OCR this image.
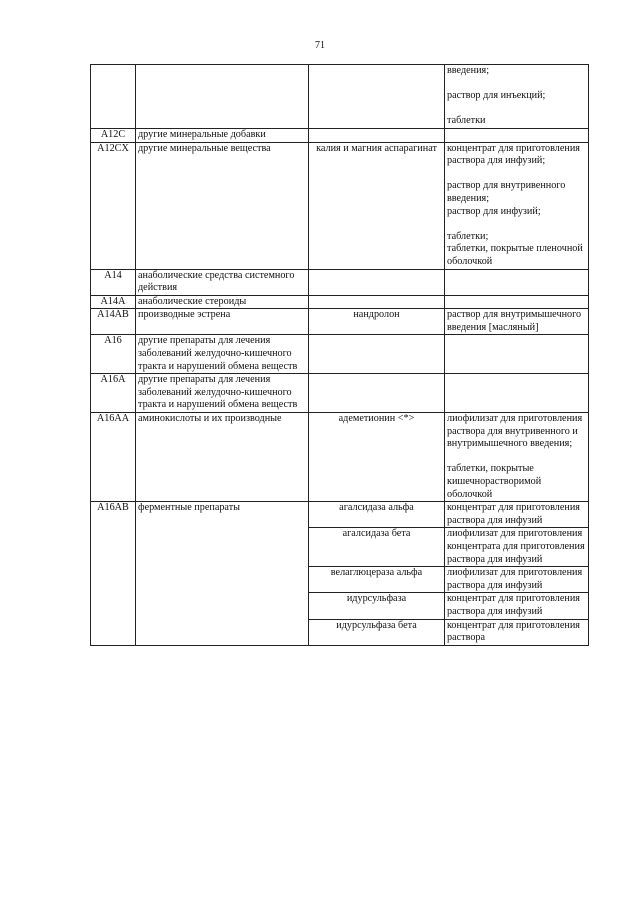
71

			введения;
раствор для инъекций;
таблетки

A12C	другие минеральные добавки		
A12CX	другие минеральные вещества	калия и магния аспарагинат	концентрат для приготовления раствора для инфузий;
раствор для внутривенного введения;
раствор для инфузий;
таблетки;
таблетки, покрытые пленочной оболочкой

A14	анаболические средства системного действия		
A14A	анаболические стероиды		
A14AB	производные эстрена	нандролон	раствор для внутримышечного введения [масляный]

A16	другие препараты для лечения заболеваний желудочно-кишечного тракта и нарушений обмена веществ		
A16A	другие препараты для лечения заболеваний желудочно-кишечного тракта и нарушений обмена веществ		
A16AA	аминокислоты и их производные	адеметионин <*>	лиофилизат для приготовления раствора для внутривенного и внутримышечного введения;
таблетки, покрытые кишечнорастворимой оболочкой

A16AB	ферментные препараты	агалсидаза альфа	концентрат для приготовления раствора для инфузий

		агалсидаза бета	лиофилизат для приготовления концентрата для приготовления раствора для инфузий

		велаглюцераза альфа	лиофилизат для приготовления раствора для инфузий

		идурсульфаза	концентрат для приготовления раствора для инфузий

		идурсульфаза бета	концентрат для приготовления раствора
